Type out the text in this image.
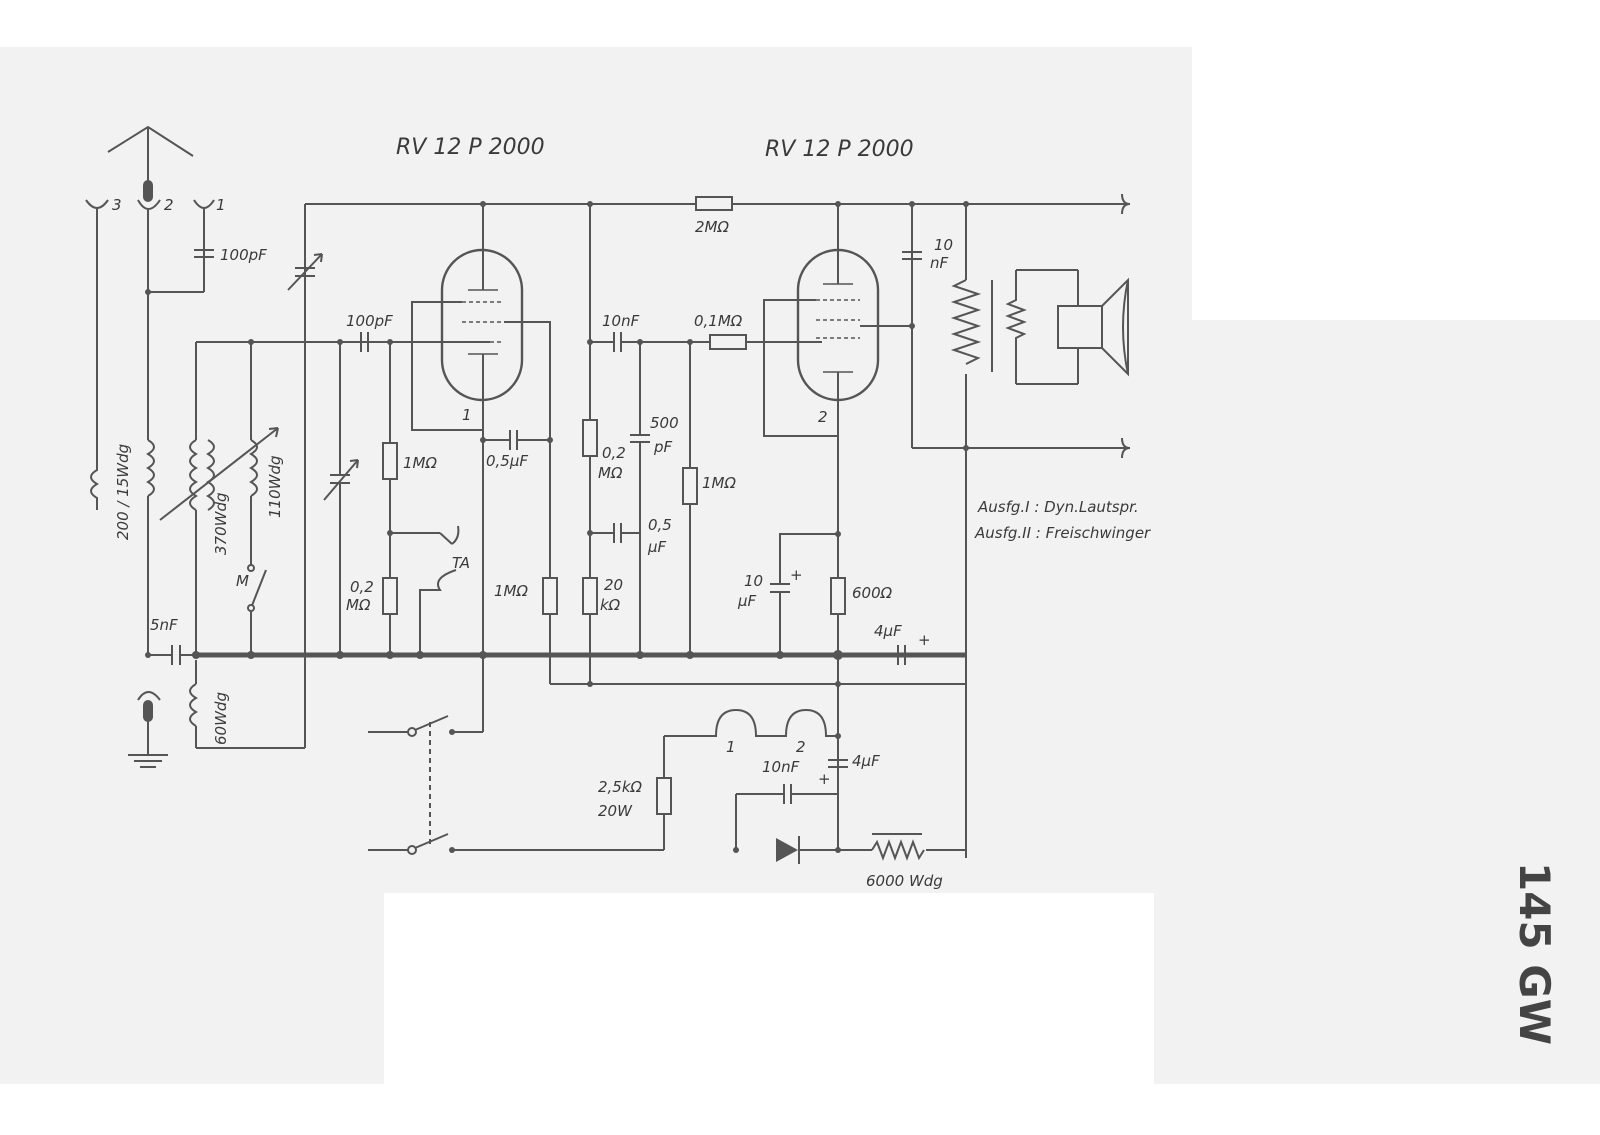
RV 12 P 2000	RV 12 P 2000
3	2	1
100pF
2MΩ
200 / 15Wdg	370Wdg
110Wdg
M
5nF
60Wdg
100pF
1MΩ
0,2
MΩ
TA
1
0,5µF
1MΩ
10nF	0,1MΩ
0,2
MΩ
0,5
µF
20
kΩ
500
pF
1MΩ
2
10
µF
+
600Ω
4µF +
10
nF
Ausfg.I : Dyn.Lautspr.
Ausfg.II : Freischwinger
1	2
2,5kΩ
20W
4µF
+
10nF
6000 Wdg	145 GW
